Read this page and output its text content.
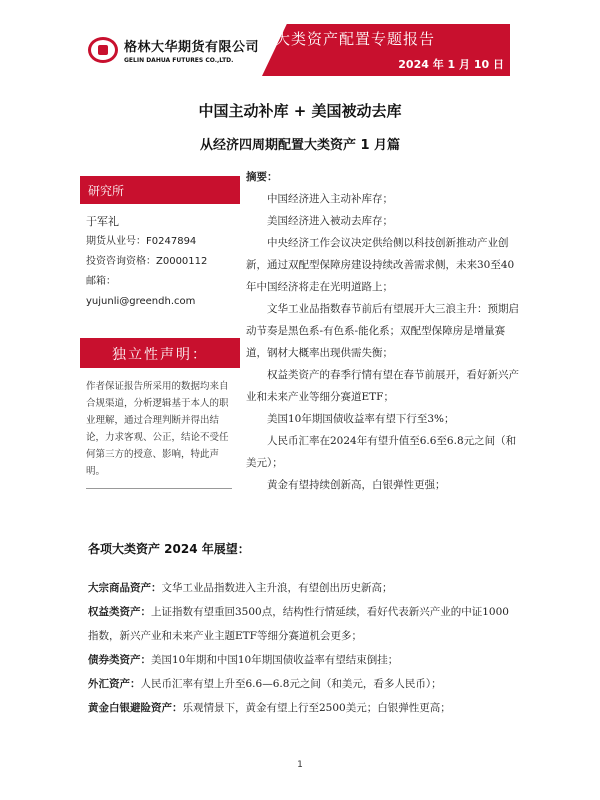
格林大华期货有限公司
GELIN DAHUA FUTURES CO.,LTD.
大类资产配置专题报告
2024 年 1 月 10 日
中国主动补库 + 美国被动去库
从经济四周期配置大类资产 1 月篇
研究所
于军礼
期货从业号：F0247894
投资咨询资格：Z0000112
邮箱：
yujunli@greendh.com
独立性声明：
作者保证报告所采用的数据均来自合规渠道，分析逻辑基于本人的职业理解，通过合理判断并得出结论，力求客观、公正，结论不受任何第三方的授意、影响，特此声明。
摘要：

中国经济进入主动补库存；

美国经济进入被动去库存；

中央经济工作会议决定供给侧以科技创新推动产业创新，通过双配型保障房建设持续改善需求侧，未来30至40年中国经济将走在光明道路上；

文华工业品指数春节前后有望展开大三浪主升：预期启动节奏是黑色系-有色系-能化系；双配型保障房是增量赛道，钢材大概率出现供需失衡；

权益类资产的春季行情有望在春节前展开，看好新兴产业和未来产业等细分赛道ETF；

美国10年期国债收益率有望下行至3%；

人民币汇率在2024年有望升值至6.6至6.8元之间（和美元）；

黄金有望持续创新高，白银弹性更强；

各项大类资产 2024 年展望：

大宗商品资产：文华工业品指数进入主升浪，有望创出历史新高；

权益类资产：上证指数有望重回3500点，结构性行情延续，看好代表新兴产业的中证1000指数，新兴产业和未来产业主题ETF等细分赛道机会更多；

债券类资产：美国10年期和中国10年期国债收益率有望结束倒挂；

外汇资产：人民币汇率有望上升至6.6—6.8元之间（和美元，看多人民币）；

黄金白银避险资产：乐观情景下，黄金有望上行至2500美元；白银弹性更高；

1
